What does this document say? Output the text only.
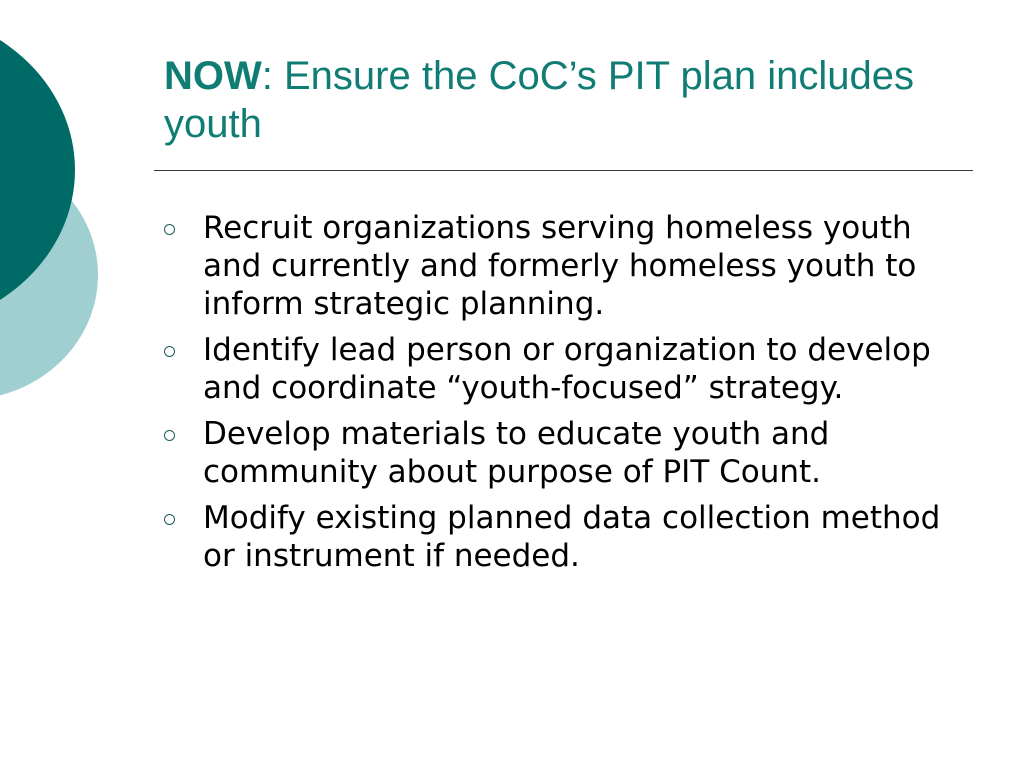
NOW: Ensure the CoC’s PIT plan includes youth
Recruit organizations serving homeless youth and currently and formerly homeless youth to inform strategic planning.
Identify lead person or organization to develop and coordinate “youth-focused” strategy.
Develop materials to educate youth and community about purpose of PIT Count.
Modify existing planned data collection method or instrument if needed.
